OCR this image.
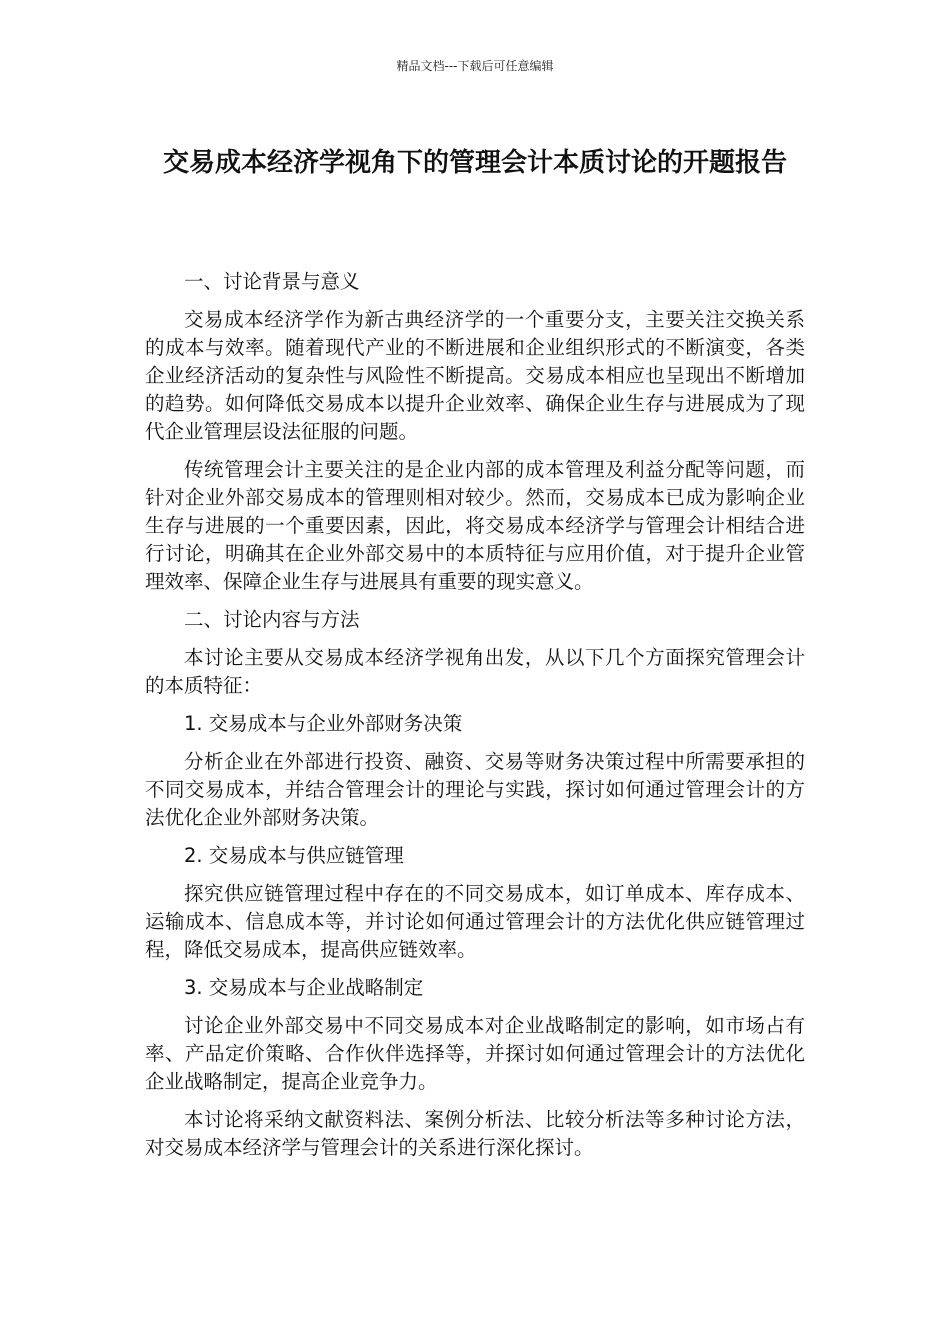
精品文档---下载后可任意编辑
交易成本经济学视角下的管理会计本质讨论的开题报告

一、讨论背景与意义

交易成本经济学作为新古典经济学的一个重要分支，主要关注交换关系的成本与效率。随着现代产业的不断进展和企业组织形式的不断演变，各类企业经济活动的复杂性与风险性不断提高。交易成本相应也呈现出不断增加的趋势。如何降低交易成本以提升企业效率、确保企业生存与进展成为了现代企业管理层设法征服的问题。

传统管理会计主要关注的是企业内部的成本管理及利益分配等问题，而针对企业外部交易成本的管理则相对较少。然而，交易成本已成为影响企业生存与进展的一个重要因素，因此，将交易成本经济学与管理会计相结合进行讨论，明确其在企业外部交易中的本质特征与应用价值，对于提升企业管理效率、保障企业生存与进展具有重要的现实意义。

二、讨论内容与方法

本讨论主要从交易成本经济学视角出发，从以下几个方面探究管理会计的本质特征：

1. 交易成本与企业外部财务决策

分析企业在外部进行投资、融资、交易等财务决策过程中所需要承担的不同交易成本，并结合管理会计的理论与实践，探讨如何通过管理会计的方法优化企业外部财务决策。

2. 交易成本与供应链管理

探究供应链管理过程中存在的不同交易成本，如订单成本、库存成本、运输成本、信息成本等，并讨论如何通过管理会计的方法优化供应链管理过程，降低交易成本，提高供应链效率。

3. 交易成本与企业战略制定

讨论企业外部交易中不同交易成本对企业战略制定的影响，如市场占有率、产品定价策略、合作伙伴选择等，并探讨如何通过管理会计的方法优化企业战略制定，提高企业竞争力。

本讨论将采纳文献资料法、案例分析法、比较分析法等多种讨论方法，对交易成本经济学与管理会计的关系进行深化探讨。
